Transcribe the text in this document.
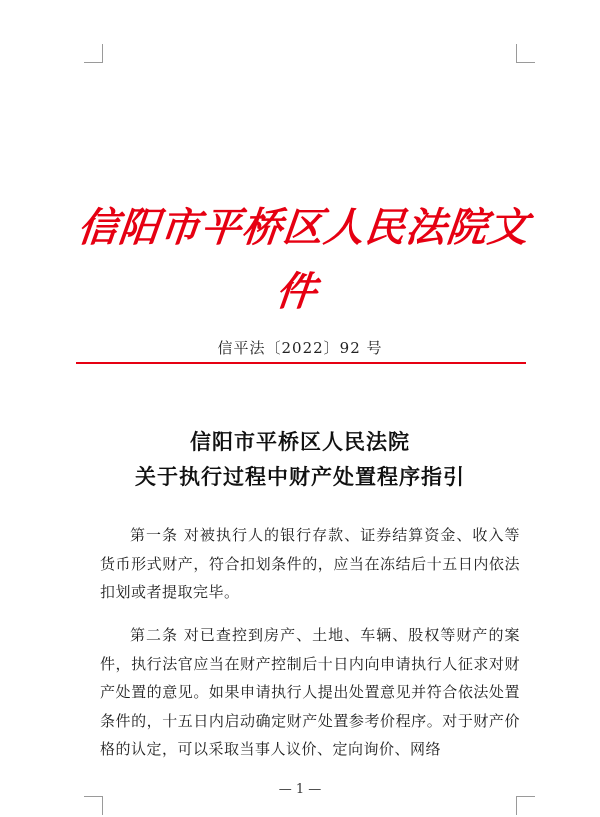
信阳市平桥区人民法院文件
信平法〔2022〕92 号
信阳市平桥区人民法院
关于执行过程中财产处置程序指引
第一条 对被执行人的银行存款、证券结算资金、收入等货币形式财产，符合扣划条件的，应当在冻结后十五日内依法扣划或者提取完毕。
第二条 对已查控到房产、土地、车辆、股权等财产的案件，执行法官应当在财产控制后十日内向申请执行人征求对财产处置的意见。如果申请执行人提出处置意见并符合依法处置条件的，十五日内启动确定财产处置参考价程序。对于财产价格的认定，可以采取当事人议价、定向询价、网络
— 1 —
